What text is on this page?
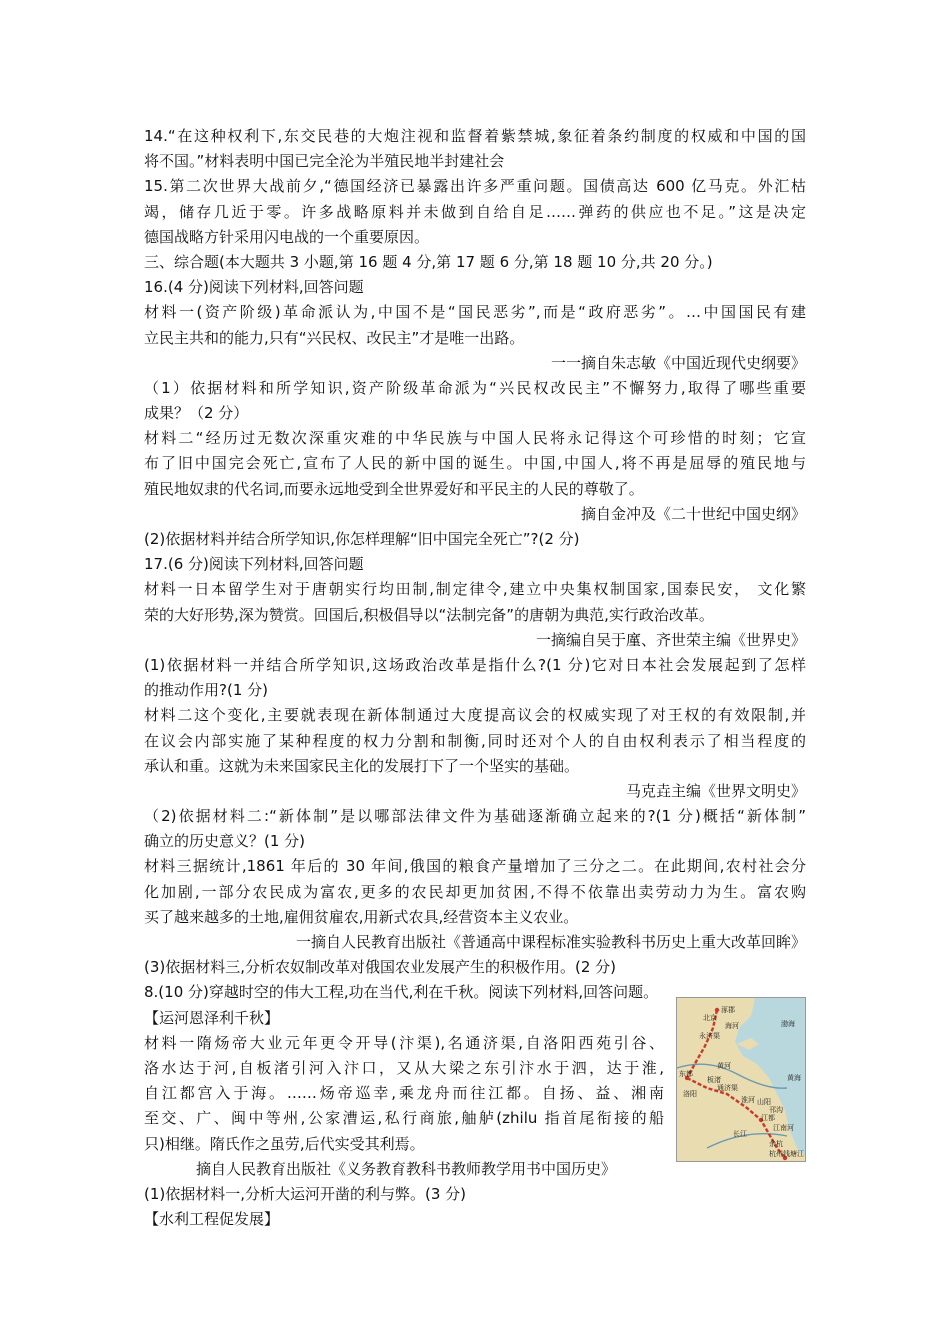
14.“在这种权利下,东交民巷的大炮注视和监督着紫禁城,象征着条约制度的权威和中国的国
将不国。”材料表明中国已完全沦为半殖民地半封建社会
15.第二次世界大战前夕,“德国经济已暴露出许多严重问题。国债高达 600 亿马克。外汇枯
竭，储存几近于零。许多战略原料并未做到自给自足……弹药的供应也不足。”这是决定
德国战略方针采用闪电战的一个重要原因。
三、综合题(本大题共 3 小题,第 16 题 4 分,第 17 题 6 分,第 18 题 10 分,共 20 分。)
16.(4 分)阅读下列材料,回答问题
材料一(资产阶级)革命派认为,中国不是“国民恶劣”,而是“政府恶劣”。…中国国民有建
立民主共和的能力,只有“兴民权、改民主”才是唯一出路。
一一摘自朱志敏《中国近现代史纲要》
（1）依据材料和所学知识,资产阶级革命派为“兴民权改民主”不懈努力,取得了哪些重要
成果？（2 分）
材料二“经历过无数次深重灾难的中华民族与中国人民将永记得这个可珍惜的时刻；它宣
布了旧中国完会死亡,宣布了人民的新中国的诞生。中国,中国人,将不再是屈辱的殖民地与
殖民地奴隶的代名词,而要永远地受到全世界爱好和平民主的人民的尊敬了。
摘自金冲及《二十世纪中国史纲》
(2)依据材料并结合所学知识,你怎样理解“旧中国完全死亡”?(2 分)
17.(6 分)阅读下列材料,回答问题
材料一日本留学生对于唐朝实行均田制,制定律令,建立中央集权制国家,国泰民安， 文化繁
荣的大好形势,深为赞赏。回国后,积极倡导以“法制完备”的唐朝为典范,实行政治改革。
一摘编自吴于廑、齐世荣主编《世界史》
(1)依据材料一并结合所学知识,这场政治改革是指什么?(1 分)它对日本社会发展起到了怎样
的推动作用?(1 分)
材料二这个变化,主要就表现在新体制通过大度提高议会的权威实现了对王权的有效限制,并
在议会内部实施了某种程度的权力分割和制衡,同时还对个人的自由权利表示了相当程度的
承认和重。这就为未来国家民主化的发展打下了一个坚实的基础。
马克垚主编《世界文明史》
（2)依据材料二:“新体制”是以哪部法律文件为基础逐渐确立起来的?(1 分)概括“新体制”
确立的历史意义？(1 分)
材料三据统计,1861 年后的 30 年间,俄国的粮食产量增加了三分之二。在此期间,农村社会分
化加剧,一部分农民成为富农,更多的农民却更加贫困,不得不依靠出卖劳动力为生。富农购
买了越来越多的土地,雇佣贫雇农,用新式农具,经营资本主义农业。
一摘自人民教育出版社《普通高中课程标准实验教科书历史上重大改革回眸》
(3)依据材料三,分析农奴制改革对俄国农业发展产生的积极作用。(2 分)
8.(10 分)穿越时空的伟大工程,功在当代,利在千秋。阅读下列材料,回答问题。
【运河恩泽利千秋】
材料一隋炀帝大业元年更令开导(汴渠),名通济渠,自洛阳西苑引谷、
洛水达于河,自板渚引河入汴口，又从大梁之东引汴水于泗，达于淮,
自江都宫入于海。……炀帝巡幸,乘龙舟而往江都。自扬、益、湘南
至交、广、闽中等州,公家漕运,私行商旅,舳舻(zhilu 指首尾衔接的船
只)相继。隋氏作之虽劳,后代实受其利焉。
摘自人民教育出版社《义务教育教科书教师教学用书中国历史》
(1)依据材料一,分析大运河开凿的利与弊。(3 分)
【水利工程促发展】
涿郡
北京
永济渠
海河
黄河
东都
洛阳
通济渠
板渚
山阳
江都
淮河
邗沟
长江
江南河
余杭
杭州 钱塘江
渤海
黄海
